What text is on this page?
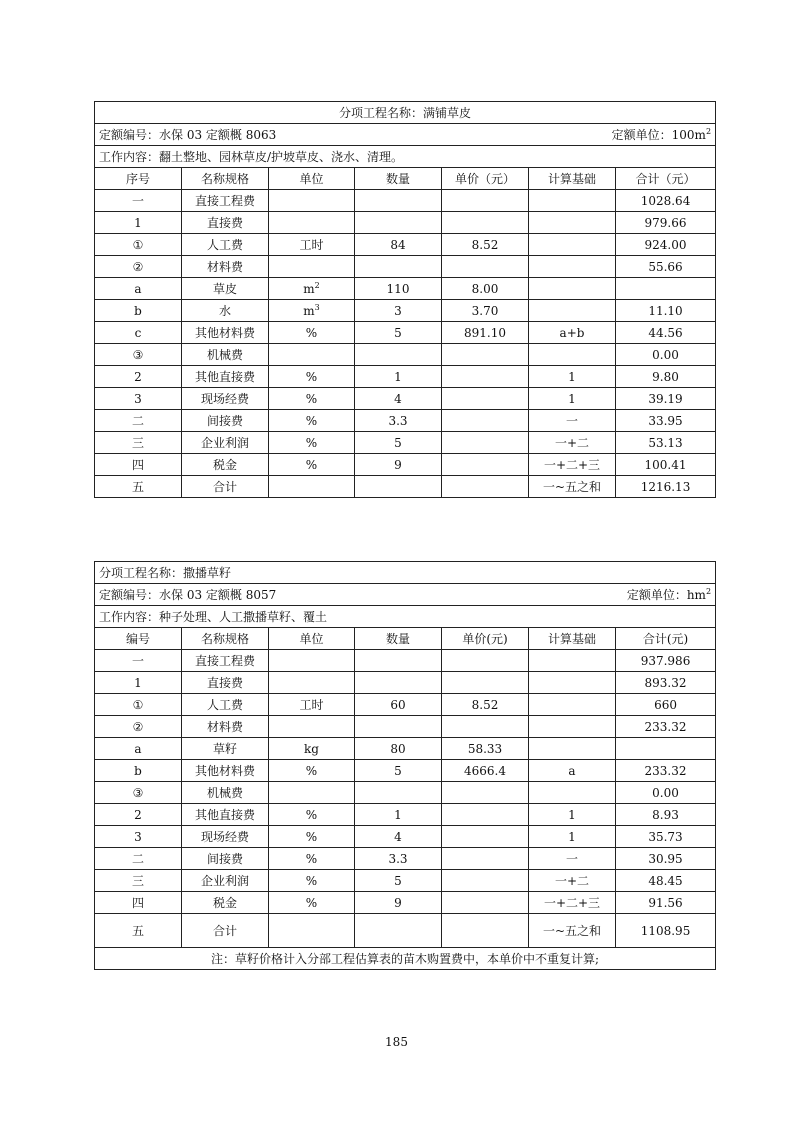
分项工程名称：满铺草皮						

定额编号：水保 03 定额概 8063 定额单位：$100m^2$

工作内容：翻土整地、园林草皮/护坡草皮、浇水、清理。						
序号	名称规格	单位	数量	单价（元）	计算基础	合计（元）
一	直接工程费					1028.64
1	直接费					979.66
①	人工费	工时	84	8.52		924.00
②	材料费					55.66
a	草皮	$m^2$	110	8.00		
b	水	$m^3$	3	3.70		11.10
c	其他材料费	%	5	891.10	a+b	44.56
③	机械费					0.00
2	其他直接费	%	1		1	9.80
3	现场经费	%	4		1	39.19
二	间接费	%	3.3		一	33.95
三	企业利润	%	5		一+二	53.13
四	税金	%	9		一+二+三	100.41
五	合计				一~五之和	1216.13
分项工程名称：撒播草籽						

定额编号：水保 03 定额概 8057 定额单位：$hm^2$

工作内容：种子处理、人工撒播草籽、覆土						
编号	名称规格	单位	数量	单价(元)	计算基础	合计(元)
一	直接工程费					937.986
1	直接费					893.32
①	人工费	工时	60	8.52		660
②	材料费					233.32
a	草籽	kg	80	58.33		
b	其他材料费	%	5	4666.4	a	233.32
③	机械费					0.00
2	其他直接费	%	1		1	8.93
3	现场经费	%	4		1	35.73
二	间接费	%	3.3		一	30.95
三	企业利润	%	5		一+二	48.45
四	税金	%	9		一+二+三	91.56
五	合计				一~五之和	1108.95
注：草籽价格计入分部工程估算表的苗木购置费中，本单价中不重复计算;						
185
